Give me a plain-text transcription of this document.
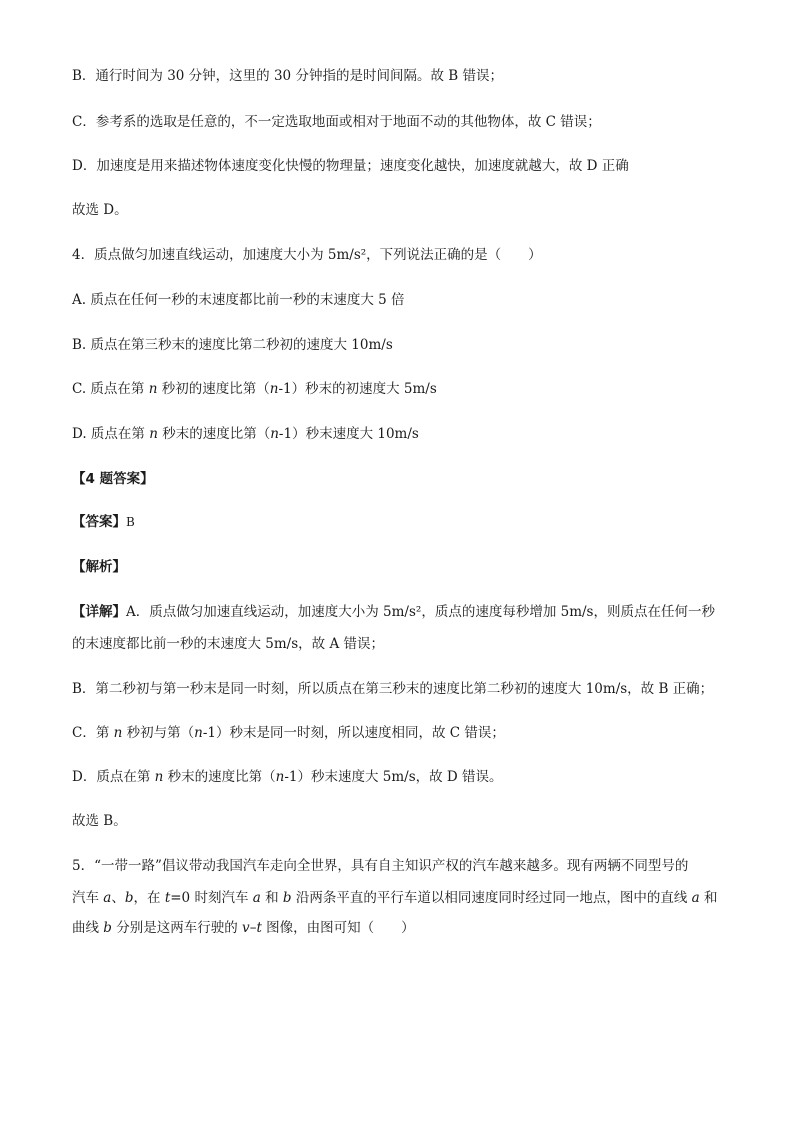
B．通行时间为 30 分钟，这里的 30 分钟指的是时间间隔。故 B 错误；
C．参考系的选取是任意的，不一定选取地面或相对于地面不动的其他物体，故 C 错误；
D．加速度是用来描述物体速度变化快慢的物理量；速度变化越快，加速度就越大，故 D 正确
故选 D。
4．质点做匀加速直线运动，加速度大小为 5m/s²，下列说法正确的是（　　）
A. 质点在任何一秒的末速度都比前一秒的末速度大 5 倍
B. 质点在第三秒末的速度比第二秒初的速度大 10m/s
C. 质点在第 n 秒初的速度比第（n-1）秒末的初速度大 5m/s
D. 质点在第 n 秒末的速度比第（n-1）秒末速度大 10m/s
【4 题答案】
【答案】B
【解析】
【详解】A．质点做匀加速直线运动，加速度大小为 5m/s²，质点的速度每秒增加 5m/s，则质点在任何一秒
的末速度都比前一秒的末速度大 5m/s，故 A 错误；
B．第二秒初与第一秒末是同一时刻，所以质点在第三秒末的速度比第二秒初的速度大 10m/s，故 B 正确；
C．第 n 秒初与第（n-1）秒末是同一时刻，所以速度相同，故 C 错误；
D．质点在第 n 秒末的速度比第（n-1）秒末速度大 5m/s，故 D 错误。
故选 B。
5．“一带一路”倡议带动我国汽车走向全世界，具有自主知识产权的汽车越来越多。现有两辆不同型号的
汽车 a、b，在 t=0 时刻汽车 a 和 b 沿两条平直的平行车道以相同速度同时经过同一地点，图中的直线 a 和
曲线 b 分别是这两车行驶的 v–t 图像，由图可知（　　）
